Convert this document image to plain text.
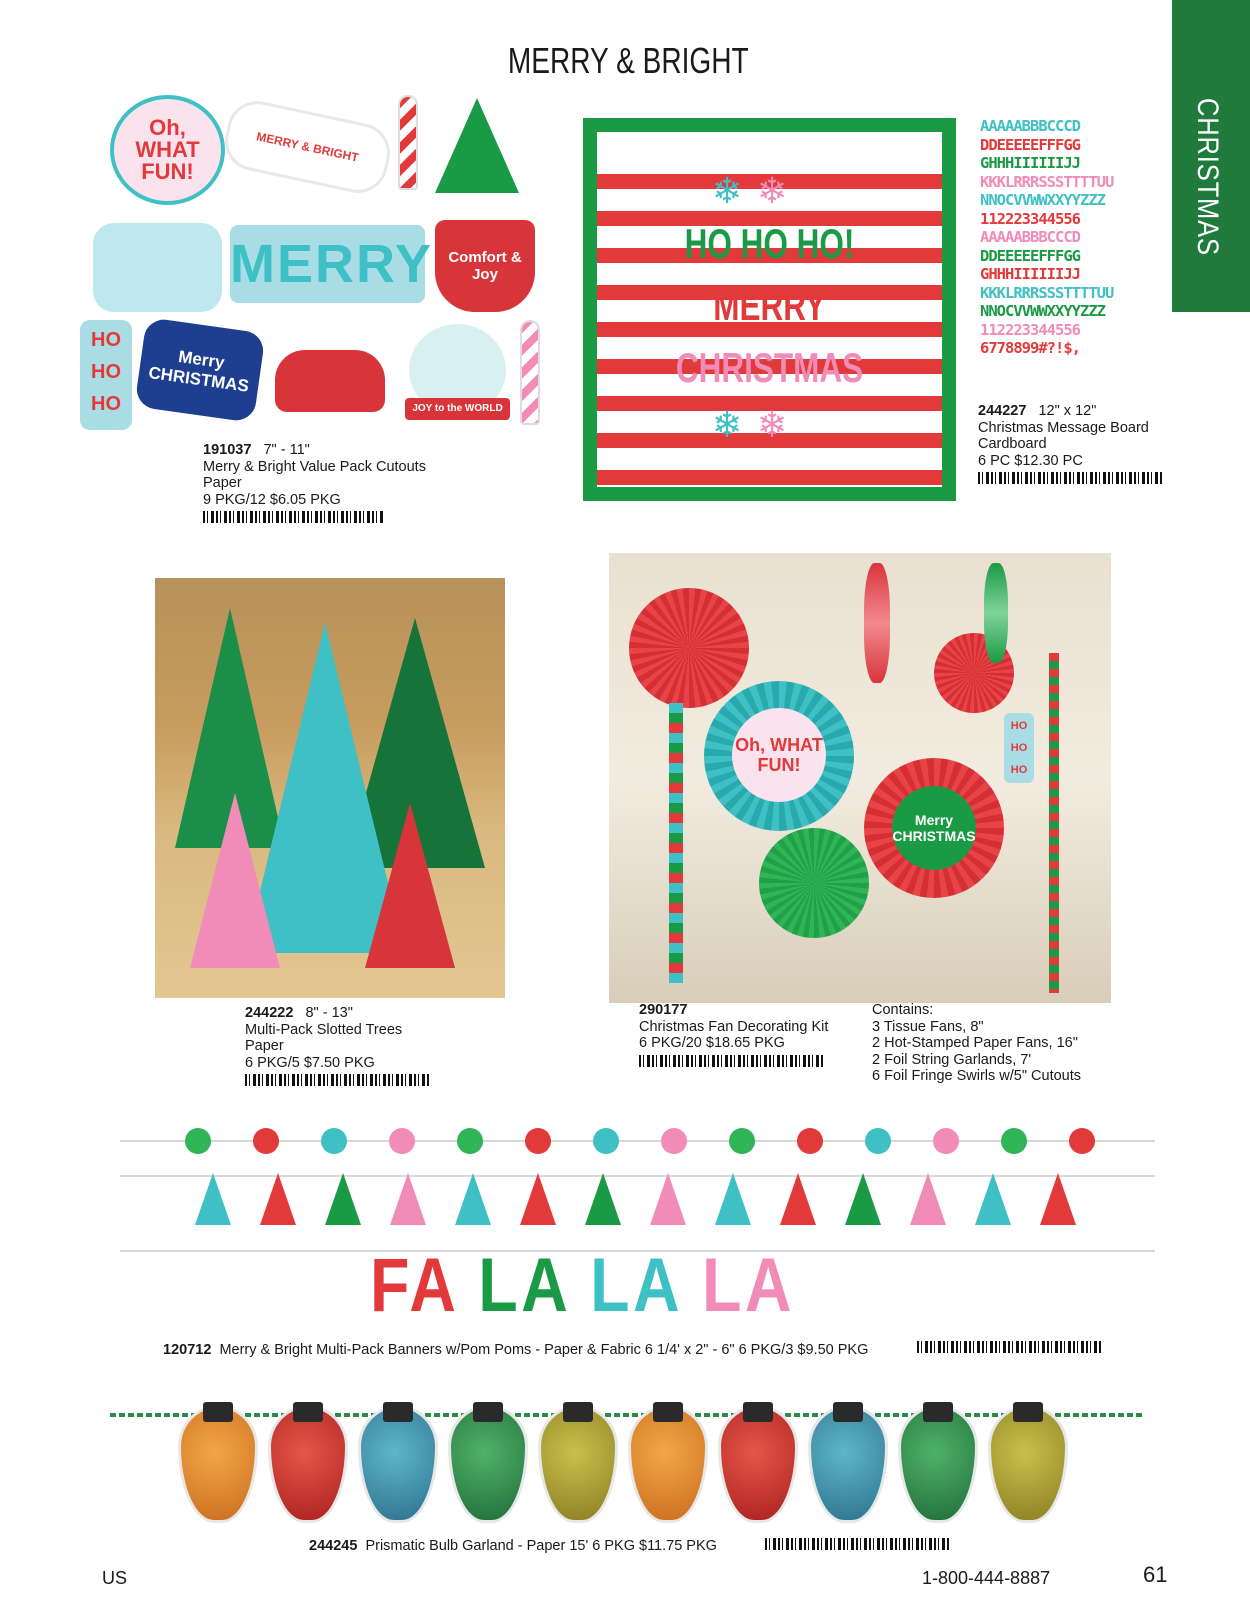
MERRY & BRIGHT
CHRISTMAS
Oh, WHAT FUN!
MERRY & BRIGHT
MERRY	Comfort & Joy
HO HO HO
Merry CHRISTMAS
JOY to the WORLD
191037 7" - 11"
Merry & Bright Value Pack Cutouts
Paper
9 PKG/12 $6.05 PKG
HO HO HO!
MERRY
CHRISTMAS
❄ ❄
❄ ❄
AAAAABBBCCCD
DDEEEEEFFFGG
GHHHIIIIIIJJ
KKKLRRRSSSTTTTUU
NNOCVVWWXXYYZZZ
112223344556
AAAAABBBCCCD
DDEEEEEFFFGG
GHHHIIIIIIJJ
KKKLRRRSSSTTTTUU
NNOCVVWWXXYYZZZ
112223344556
6778899#?!$,
244227 12" x 12"
Christmas Message Board
Cardboard
6 PC $12.30 PC
244222 8" - 13"
Multi-Pack Slotted Trees
Paper
6 PKG/5 $7.50 PKG
Oh, WHAT FUN!
Merry CHRISTMAS
HO HO HO
290177
Christmas Fan Decorating Kit
6 PKG/20 $18.65 PKG
Contains:
3 Tissue Fans, 8"
2 Hot-Stamped Paper Fans, 16"
2 Foil String Garlands, 7'
6 Foil Fringe Swirls w/5" Cutouts
FA LA LA LA
120712 Merry & Bright Multi-Pack Banners w/Pom Poms - Paper & Fabric 6 1/4' x 2" - 6" 6 PKG/3 $9.50 PKG
244245 Prismatic Bulb Garland - Paper 15' 6 PKG $11.75 PKG
US	1-800-444-8887	61
